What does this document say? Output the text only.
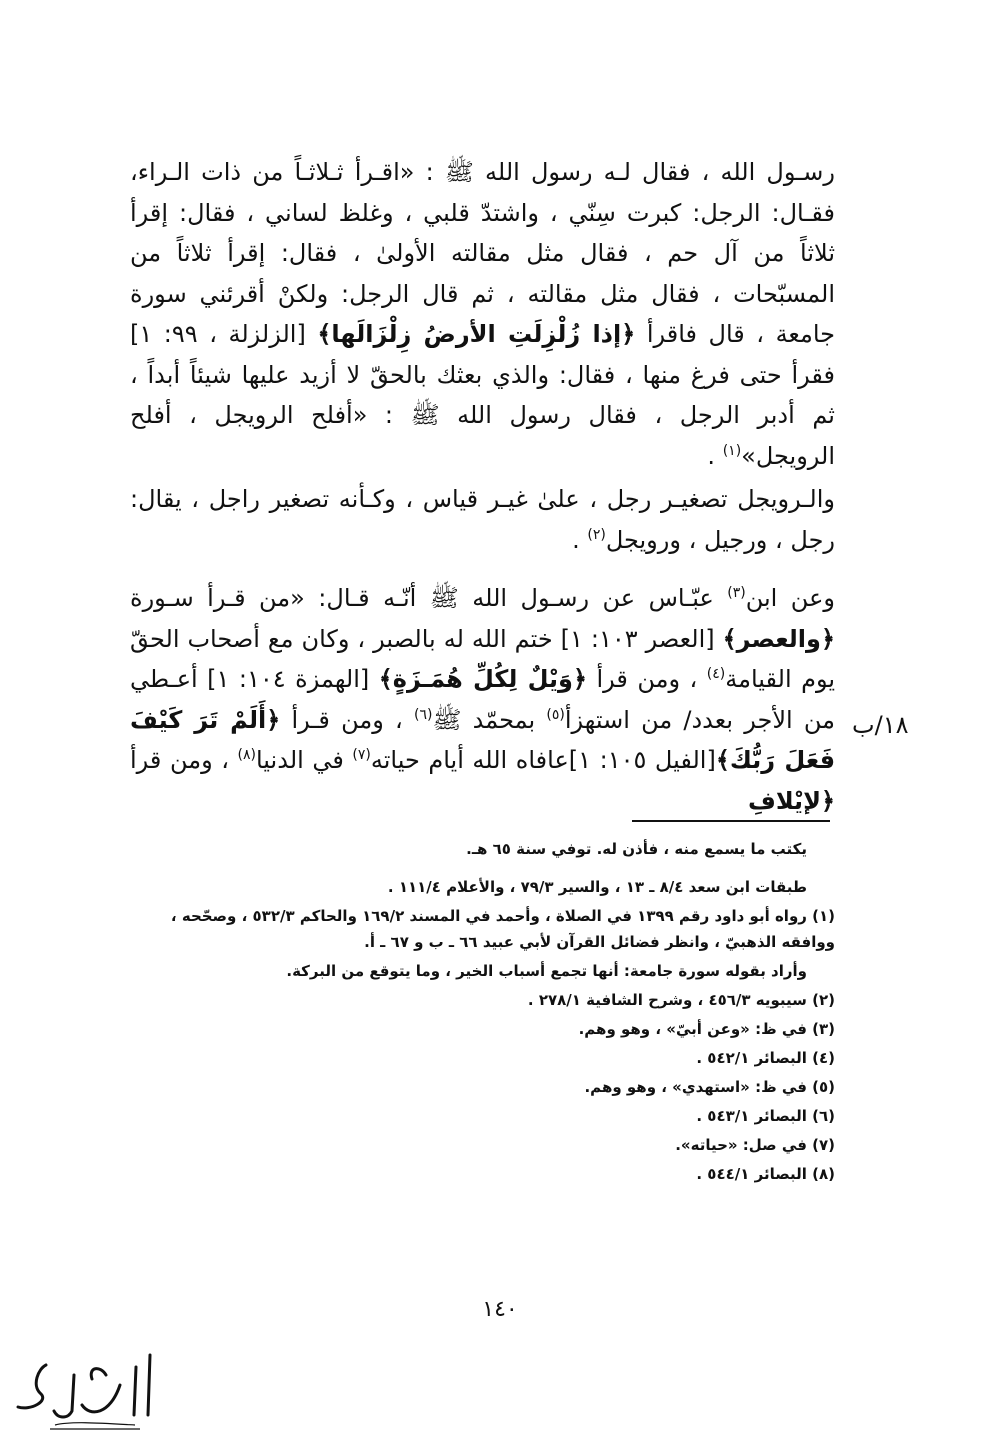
رسـول الله ، فقال لـه رسول الله ﷺ : «اقـرأ ثـلاثـاً من ذات الـراء، فقـال: الرجل: كبرت سِنّي ، واشتدّ قلبي ، وغلظ لساني ، فقال: إقرأ ثلاثاً من آل حم ، فقال مثل مقالته الأولىٰ ، فقال: إقرأ ثلاثاً من المسبّحات ، فقال مثل مقالته ، ثم قال الرجل: ولكنْ أقرئني سورة جامعة ، قال فاقرأ ﴿إذا زُلْزِلَتِ الأرضُ زِلْزَالَها﴾ [الزلزلة ، ٩٩: ١] فقرأ حتى فرغ منها ، فقال: والذي بعثك بالحقّ لا أزيد عليها شيئاً أبداً ، ثم أدبر الرجل ، فقال رسول الله ﷺ : «أفلح الرويجل ، أفلح الرويجل»$^{(١)}$ .
والـرويجل تصغيـر رجل ، علىٰ غيـر قياس ، وكـأنه تصغير راجل ، يقال: رجل ، ورجيل ، ورويجل$^{(٢)}$ .
وعن ابن$^{(٣)}$ عبّـاس عن رسـول الله ﷺ أنّـه قـال: «من قـرأ سـورة ﴿والعصر﴾ [العصر ١٠٣: ١] ختم الله له بالصبر ، وكان مع أصحاب الحقّ يوم القيامة$^{(٤)}$ ، ومن قرأ ﴿وَيْلٌ لِكُلِّ هُمَـزَةٍ﴾ [الهمزة ١٠٤: ١] أعـطي من الأجر بعدد/ من استهزأ$^{(٥)}$ بمحمّد ﷺ$^{(٦)}$ ، ومن قـرأ ﴿أَلَمْ تَرَ كَيْفَ فَعَلَ رَبُّكَ﴾[الفيل ١٠٥: ١]عافاه الله أيام حياته$^{(٧)}$ في الدنيا$^{(٨)}$ ، ومن قرأ ﴿لإيْلافِ
١٨/ب
يكتب ما يسمع منه ، فأذن له. توفي سنة ٦٥ هـ.
طبقات ابن سعد ٨/٤ ـ ١٣ ، والسير ٧٩/٣ ، والأعلام ١١١/٤ .
(١) رواه أبو داود رقم ١٣٩٩ في الصلاة ، وأحمد في المسند ١٦٩/٢ والحاكم ٥٣٢/٣ ، وصحّحه ، ووافقه الذهبيّ ، وانظر فضائل القرآن لأبي عبيد ٦٦ ـ ب و ٦٧ ـ أ.
وأراد بقوله سورة جامعة: أنها تجمع أسباب الخير ، وما يتوقع من البركة.
(٢) سيبويه ٤٥٦/٣ ، وشرح الشافية ٢٧٨/١ .
(٣) في ظ: «وعن أبيّ» ، وهو وهم.
(٤) البصائر ٥٤٢/١ .
(٥) في ظ: «استهدي» ، وهو وهم.
(٦) البصائر ٥٤٣/١ .
(٧) في صل: «حياته».
(٨) البصائر ٥٤٤/١ .
١٤٠
